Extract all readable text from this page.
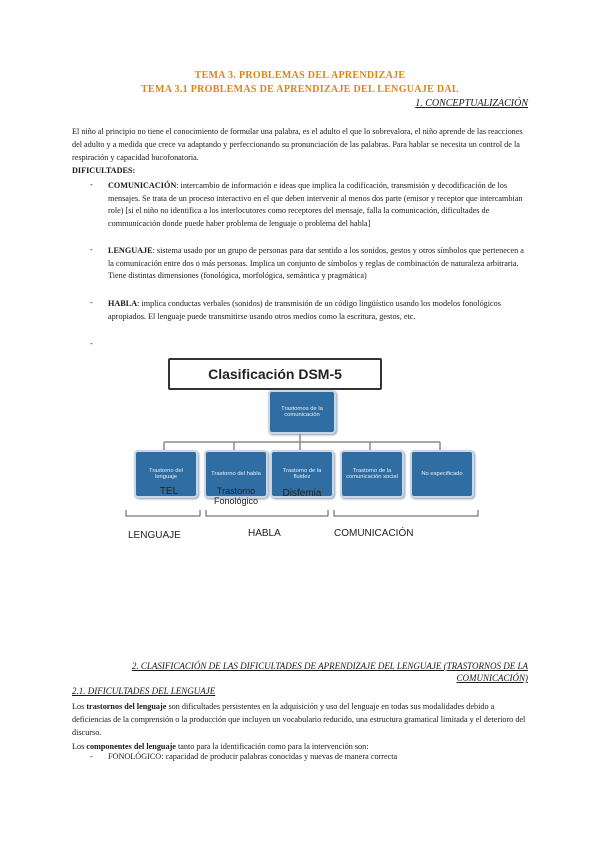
TEMA 3. PROBLEMAS DEL APRENDIZAJE
TEMA 3.1 PROBLEMAS DE APRENDIZAJE DEL LENGUAJE DAL
1. CONCEPTUALIZACIÓN
El niño al principio no tiene el conocimiento de formular una palabra, es el adulto el que lo sobrevalora, el niño aprende de las reacciones del adulto y a medida que crece va adaptando y perfeccionando su pronunciación de las palabras. Para hablar se necesita un control de la respiración y capacidad bucofonatoria.
DIFICULTADES:
- COMUNICACIÓN: intercambio de información e ideas que implica la codificación, transmisión y decodificación de los mensajes. Se trata de un proceso interactivo en el que deben intervenir al menos dos parte (emisor y receptor que intercambian role) [si el niño no identifica a los interlocutores como receptores del mensaje, falla la comunicación, dificultades de communicación donde puede haber problema de lenguaje o problema del habla]
- LENGUAJE: sistema usado por un grupo de personas para dar sentido a los sonidos, gestos y otros símbolos que pertenecen a la comunicación entre dos o más personas. Implica un conjunto de símbolos y reglas de combinación de naturaleza arbitraria. Tiene distintas dimensiones (fonológica, morfológica, semántica y pragmática)
- HABLA: implica conductas verbales (sonidos) de transmisión de un código lingüístico usando los modelos fonológicos apropiados. El lenguaje puede transmitirse usando otros medios como la escritura, gestos, etc.
-
Clasificación DSM-5
Trastornos de la comunicación
Trastorno del lenguaje	Trastorno del habla	Trastorno de la fluidez
Trastorno de la comunicación social	No especificado
TEL	Trastorno Fonológico
Disfemia
LENGUAJE	HABLA	COMUNICACIÓN
2. CLASIFICACIÓN DE LAS DIFICULTADES DE APRENDIZAJE DEL LENGUAJE (TRASTORNOS DE LA COMUNICACIÓN)
2.1. DIFICULTADES DEL LENGUAJE
Los trastornos del lenguaje son dificultades persistentes en la adquisición y uso del lenguaje en todas sus modalidades debido a deficiencias de la comprensión o la producción que incluyen un vocabulario reducido, una estructura gramatical limitada y el deterioro del discurso.
Los componentes del lenguaje tanto para la identificación como para la intervención son:
- FONOLÓGICO: capacidad de producir palabras conocidas y nuevas de manera correcta
